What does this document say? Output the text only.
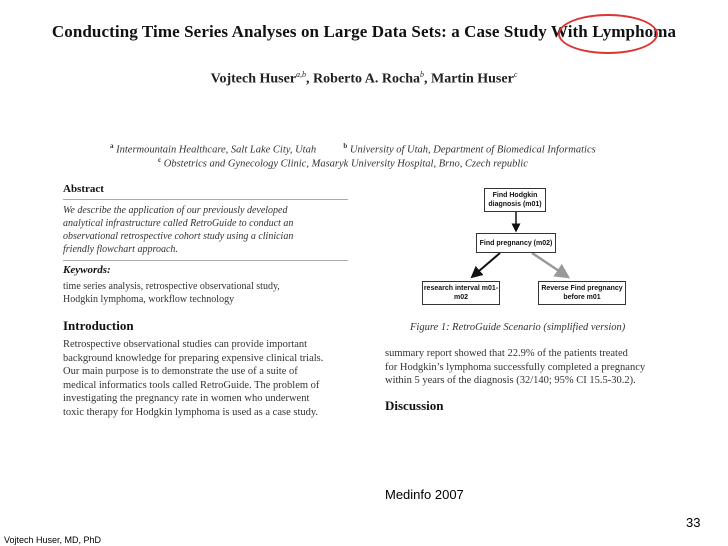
Conducting Time Series Analyses on Large Data Sets: a Case Study With Lymphoma
Vojtech Huser$^{a,b}$, Roberto A. Rocha$^b$, Martin Huser$^c$
$^a$ Intermountain Healthcare, Salt Lake City, Utah	$^b$ University of Utah, Department of Biomedical Informatics
$^c$ Obstetrics and Gynecology Clinic, Masaryk University Hospital, Brno, Czech republic
Abstract
We describe the application of our previously developed
analytical infrastructure called RetroGuide to conduct an
observational retrospective cohort study using a clinician
friendly flowchart approach.
Keywords:
time series analysis, retrospective observational study,
Hodgkin lymphoma, workflow technology
Introduction
Retrospective observational studies can provide important
background knowledge for preparing expensive clinical trials.
Our main purpose is to demonstrate the use of a suite of
medical informatics tools called RetroGuide. The problem of
investigating the pregnancy rate in women who underwent
toxic therapy for Hodgkin lymphoma is used as a case study.
Find Hodgkin diagnosis (m01)
Find pregnancy (m02)
research interval m01-m02
Reverse Find pregnancy before m01
Figure 1: RetroGuide Scenario (simplified version)
summary report showed that 22.9% of the patients treated
for Hodgkin’s lymphoma successfully completed a pregnancy
within 5 years of the diagnosis (32/140; 95% CI 15.5-30.2).
Discussion
Medinfo 2007
33
Vojtech Huser, MD, PhD
